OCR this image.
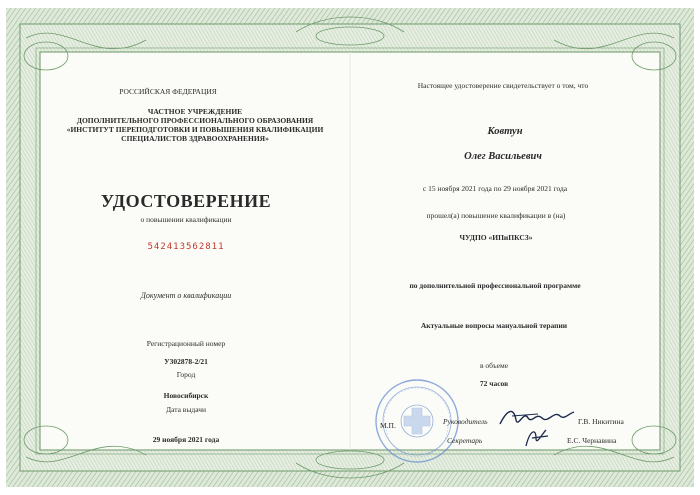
РОССИЙСКАЯ ФЕДЕРАЦИЯ
ЧАСТНОЕ УЧРЕЖДЕНИЕ
ДОПОЛНИТЕЛЬНОГО ПРОФЕССИОНАЛЬНОГО ОБРАЗОВАНИЯ
«ИНСТИТУТ ПЕРЕПОДГОТОВКИ И ПОВЫШЕНИЯ КВАЛИФИКАЦИИ
СПЕЦИАЛИСТОВ ЗДРАВООХРАНЕНИЯ»
УДОСТОВЕРЕНИЕ
о повышении квалификации
542413562811
Документ о квалификации
Регистрационный номер
У302878-2/21
Город
Новосибирск
Дата выдачи
29 ноября 2021 года
Настоящее удостоверение свидетельствует о том, что
Ковтун
Олег Васильевич
с 15 ноября 2021 года по 29 ноября 2021 года
прошел(а) повышение квалификации в (на)
ЧУДПО «ИПиПКСЗ»
по дополнительной профессиональной программе
Актуальные вопросы мануальной терапии
в объеме
72 часов
М.П.	Руководитель	Г.В. Никитина
Секретарь	Е.С. Чернавина
